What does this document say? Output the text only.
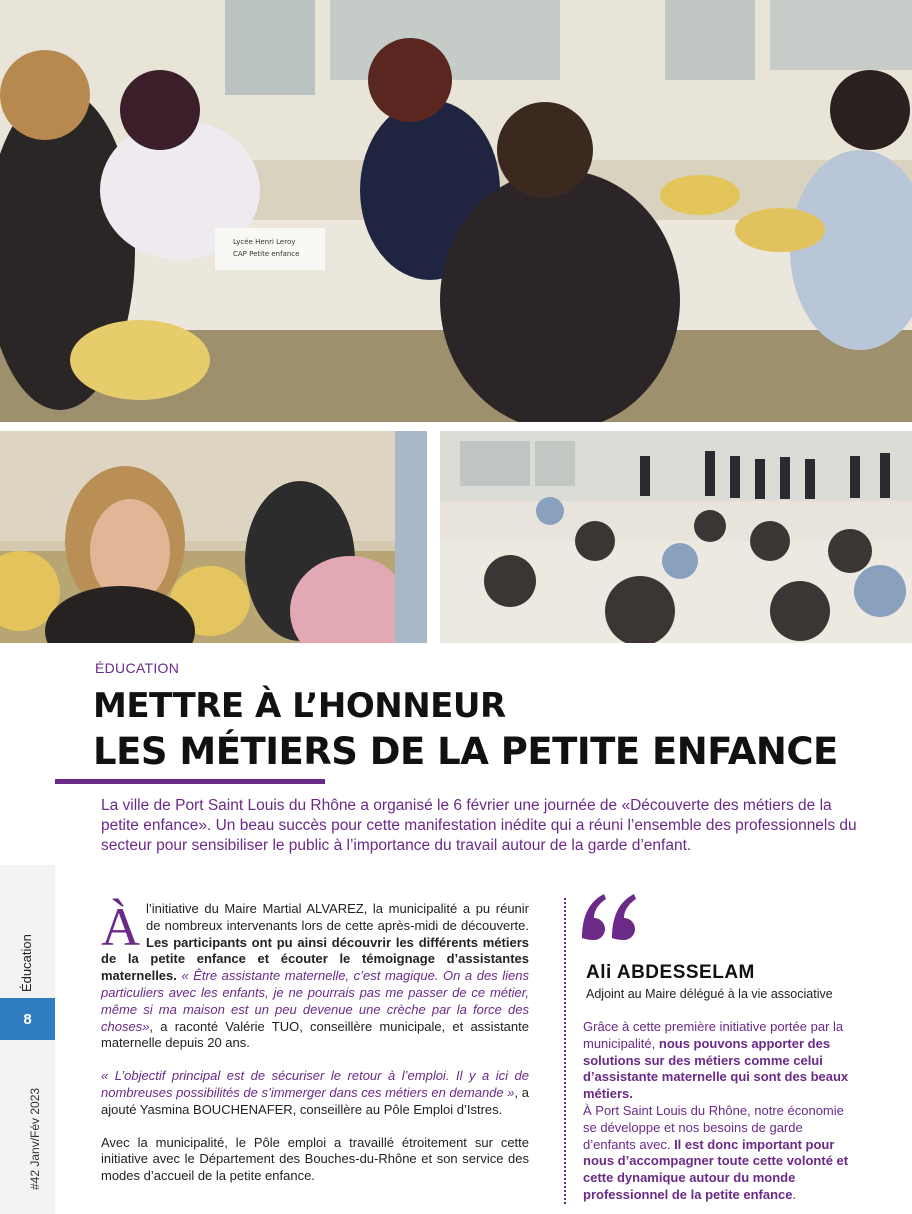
Lycée Henri Leroy
CAP Petite enfance
ÉDUCATION
METTRE À L’HONNEUR
LES MÉTIERS DE LA PETITE ENFANCE
La ville de Port Saint Louis du Rhône a organisé le 6 février une journée de «Découverte des métiers de la petite enfance». Un beau succès pour cette manifestation inédite qui a réuni l’ensemble des professionnels du secteur pour sensibiliser le public à l’importance du travail autour de la garde d’enfant.
Éducation
8
#42 Janv/Fév 2023

Àl’initiative du Maire Martial ALVAREZ, la municipalité a pu réunir de nombreux intervenants lors de cette après-midi de découverte. Les participants ont pu ainsi découvrir les différents métiers de la petite enfance et écouter le témoignage d’assistantes maternelles. « Être assistante maternelle, c’est magique. On a des liens particuliers avec les enfants, je ne pourrais pas me passer de ce métier, même si ma maison est un peu devenue une crèche par la force des choses», a raconté Valérie TUO, conseillère municipale, et assistante maternelle depuis 20 ans.

« L’objectif principal est de sécuriser le retour à l’emploi. Il y a ici de nombreuses possibilités de s’immerger dans ces métiers en demande », a ajouté Yasmina BOUCHENAFER, conseillère au Pôle Emploi d’Istres.

Avec la municipalité, le Pôle emploi a travaillé étroitement sur cette initiative avec le Département des Bouches-du-Rhône et son service des modes d’accueil de la petite enfance.

Ali ABDESSELAM
Adjoint au Maire délégué à la vie associative

Grâce à cette première initiative portée par la municipalité, nous pouvons apporter des solutions sur des métiers comme celui d’assistante maternelle qui sont des beaux métiers.

À Port Saint Louis du Rhône, notre économie se développe et nos besoins de garde d’enfants avec. Il est donc important pour nous d’accompagner toute cette volonté et cette dynamique autour du monde professionnel de la petite enfance.
